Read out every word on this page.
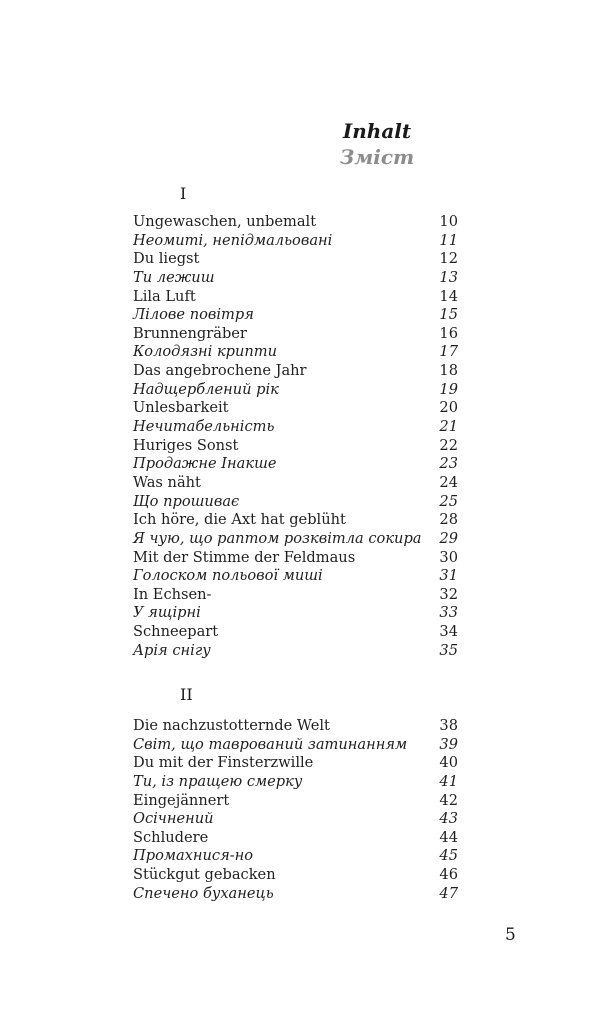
Inhalt
Зміст
I
Ungewaschen, unbemalt	10
Неомиті, непідмальовані	11
Du liegst	12
Ти лежиш	13
Lila Luft	14
Лілове повітря	15
Brunnengräber	16
Колодязні крипти	17
Das angebrochene Jahr	18
Надщерблений рік	19
Unlesbarkeit	20
Нечитабельність	21
Huriges Sonst	22
Продажне Інакше	23
Was näht	24
Що прошиває	25
Ich höre, die Axt hat geblüht	28
Я чую, що раптом розквітла сокира	29
Mit der Stimme der Feldmaus	30
Голоском польової миші	31
In Echsen-	32
У ящірні	33
Schneepart	34
Арія снігу	35
II
Die nachzustotternde Welt	38
Світ, що таврований затинанням	39
Du mit der Finsterzwille	40
Ти, із пращею смерку	41
Eingejännert	42
Осічнений	43
Schludere	44
Промахнися-но	45
Stückgut gebacken	46
Спечено буханець	47
5
